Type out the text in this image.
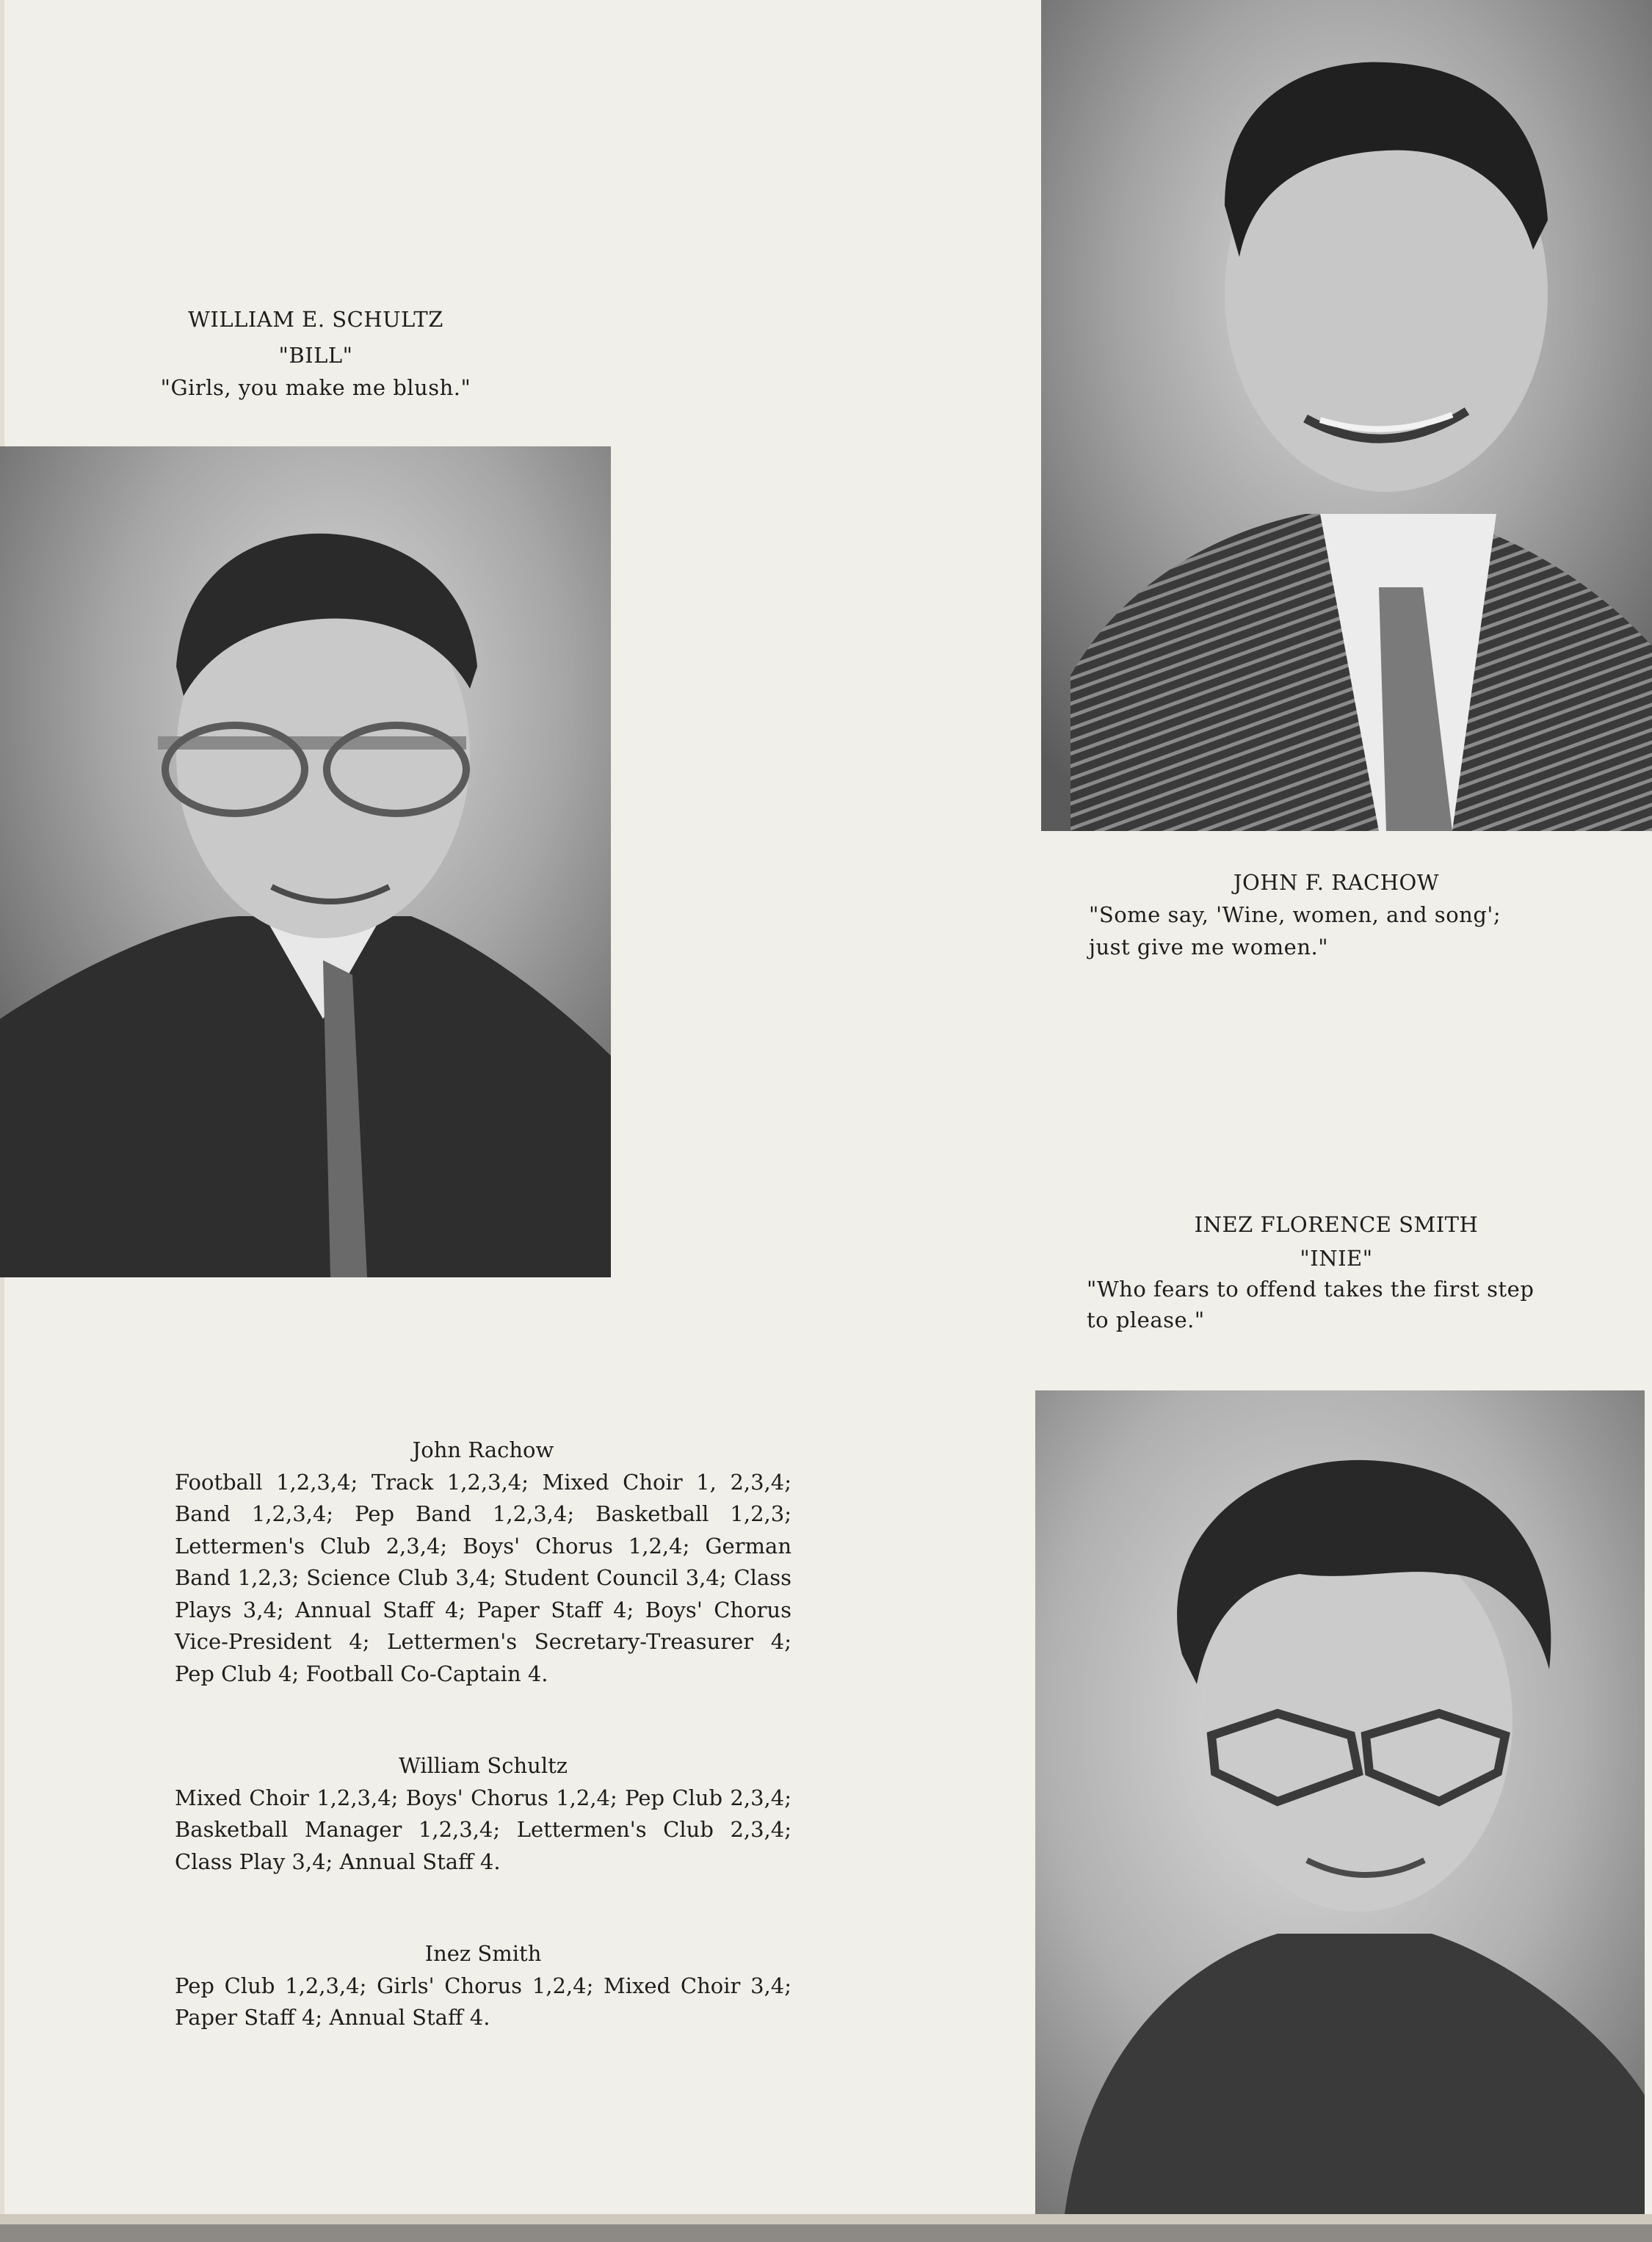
WILLIAM E. SCHULTZ
"BILL"
"Girls, you make me blush."
JOHN F. RACHOW
"Some say, 'Wine, women, and song';
just give me women."
INEZ FLORENCE SMITH
"INIE"
"Who fears to offend takes the first step
to please."
John Rachow
Football 1,2,3,4; Track 1,2,3,4; Mixed Choir 1, 2,3,4; Band 1,2,3,4; Pep Band 1,2,3,4; Basketball 1,2,3; Lettermen's Club 2,3,4; Boys' Chorus 1,2,4; German Band 1,2,3; Science Club 3,4; Student Council 3,4; Class Plays 3,4; Annual Staff 4; Paper Staff 4; Boys' Chorus Vice-President 4; Lettermen's Secretary-Treasurer 4; Pep Club 4; Football Co-Captain 4.
William Schultz
Mixed Choir 1,2,3,4; Boys' Chorus 1,2,4; Pep Club 2,3,4; Basketball Manager 1,2,3,4; Lettermen's Club 2,3,4; Class Play 3,4; Annual Staff 4.
Inez Smith
Pep Club 1,2,3,4; Girls' Chorus 1,2,4; Mixed Choir 3,4; Paper Staff 4; Annual Staff 4.
